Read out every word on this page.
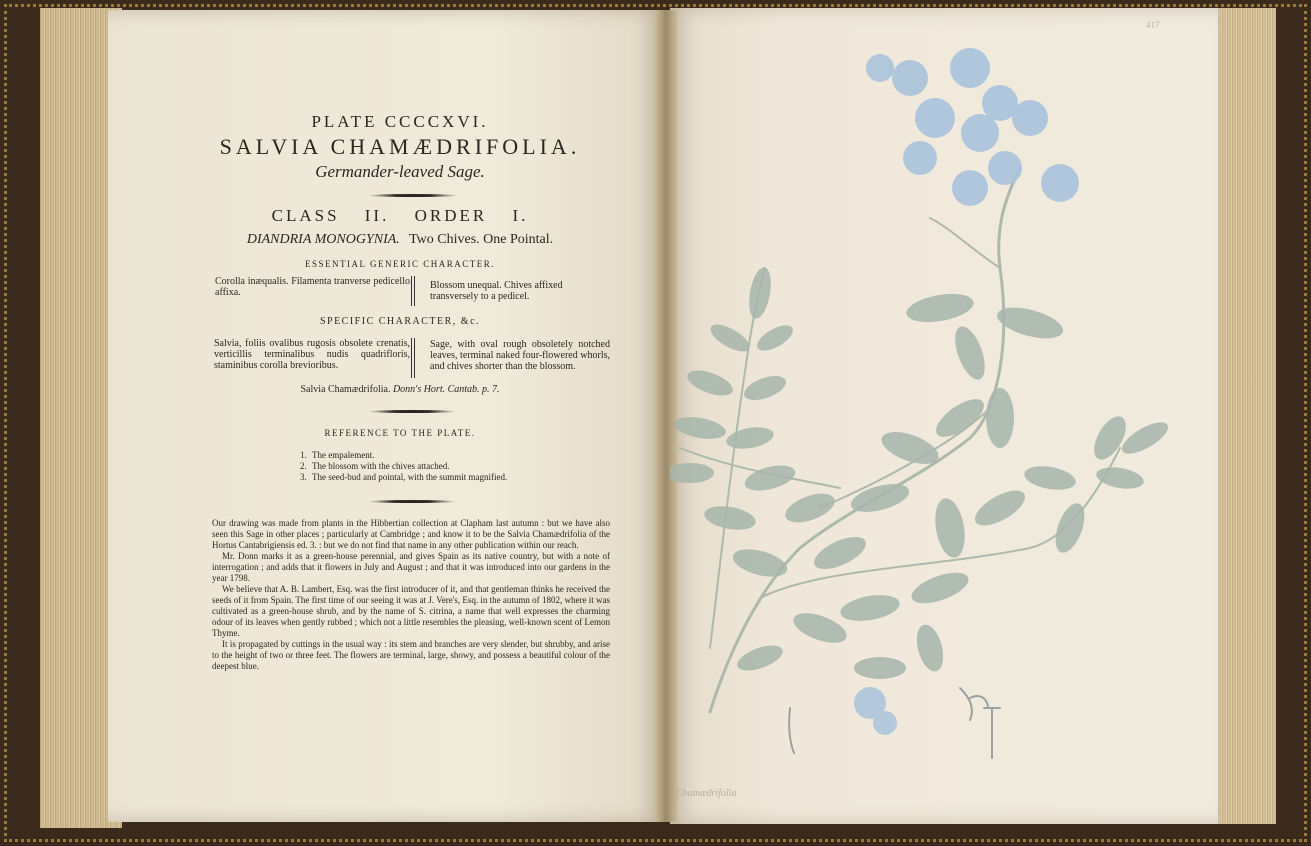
PLATE CCCCXVI.
SALVIA CHAMÆDRIFOLIA.
Germander-leaved Sage.
CLASS II. ORDER I.
DIANDRIA MONOGYNIA. Two Chives. One Pointal.
ESSENTIAL GENERIC CHARACTER.
Corolla inæqualis. Filamenta tranverse pedicello affixa.
Blossom unequal. Chives affixed transversely to a pedicel.
SPECIFIC CHARACTER, &c.
Salvia, foliis ovalibus rugosis obsolete crenatis, verticillis terminalibus nudis quadrifloris, staminibus corolla brevioribus.
Sage, with oval rough obsoletely notched leaves, terminal naked four-flowered whorls, and chives shorter than the blossom.
Salvia Chamædrifolia. Donn's Hort. Cantab. p. 7.
REFERENCE TO THE PLATE.
1. The empalement.
2. The blossom with the chives attached.
3. The seed-bud and pointal, with the summit magnified.

Our drawing was made from plants in the Hibbertian collection at Clapham last autumn : but we have also seen this Sage in other places ; particularly at Cambridge ; and know it to be the Salvia Chamædrifolia of the Hortus Cantabrigiensis ed. 3. : but we do not find that name in any other publication within our reach.

Mr. Donn marks it as a green-house perennial, and gives Spain as its native country, but with a note of interrogation ; and adds that it flowers in July and August ; and that it was introduced into our gardens in the year 1798.

We believe that A. B. Lambert, Esq. was the first introducer of it, and that gentleman thinks he received the seeds of it from Spain. The first time of our seeing it was at J. Vere's, Esq. in the autumn of 1802, where it was cultivated as a green-house shrub, and by the name of S. citrina, a name that well expresses the charming odour of its leaves when gently rubbed ; which not a little resembles the pleasing, well-known scent of Lemon Thyme.

It is propagated by cuttings in the usual way : its stem and branches are very slender, but shrubby, and arise to the height of two or three feet. The flowers are terminal, large, showy, and possess a beautiful colour of the deepest blue.

417
Chamædrifolia
